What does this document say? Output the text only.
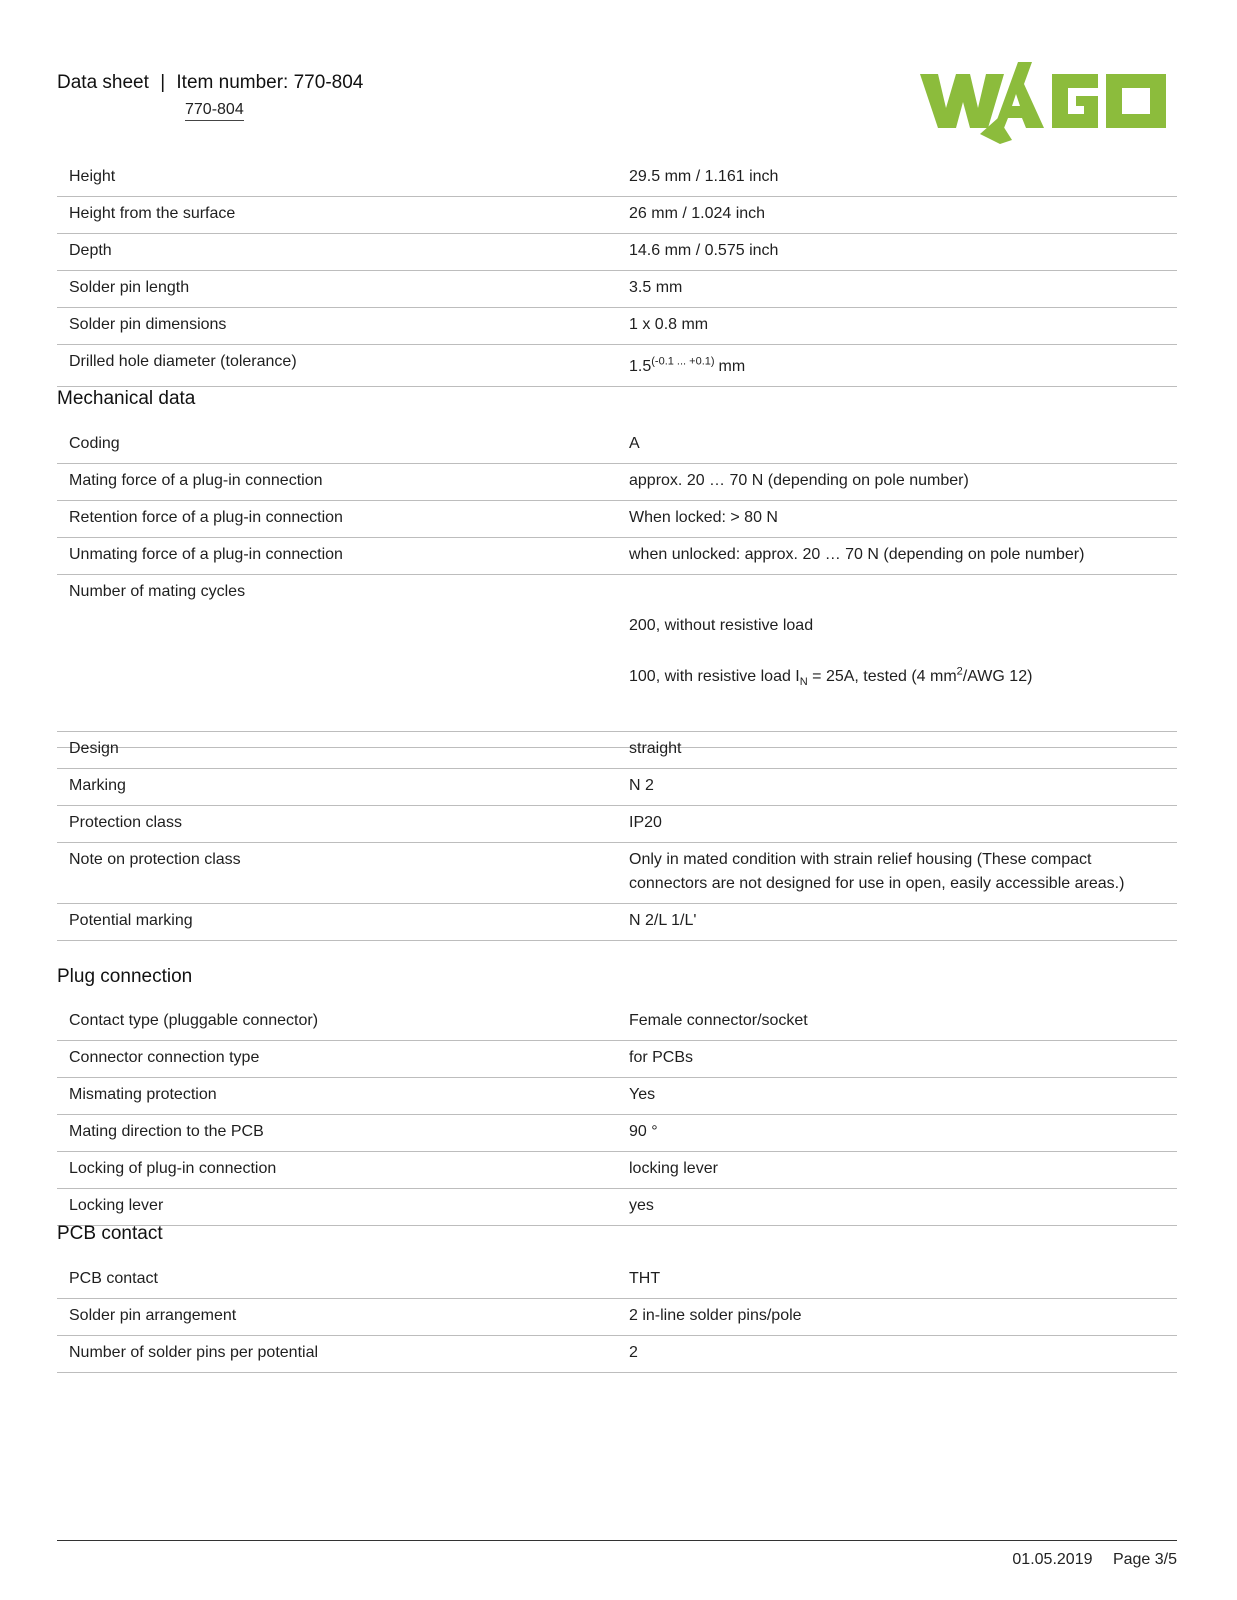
Data sheet | Item number: 770-804
770-804
Height	29.5 mm / 1.161 inch
Height from the surface	26 mm / 1.024 inch
Depth	14.6 mm / 0.575 inch
Solder pin length	3.5 mm
Solder pin dimensions	1 x 0.8 mm
Drilled hole diameter (tolerance)	$1.5^{(-0.1 ... +0.1)}$ mm
Mechanical data
Coding	A
Mating force of a plug-in connection	approx. 20 … 70 N (depending on pole number)
Retention force of a plug-in connection	When locked: > 80 N
Unmating force of a plug-in connection	when unlocked: approx. 20 … 70 N (depending on pole number)
Number of mating cycles	200, without resistive load

100, with resistive load $I_N = 25A$, tested (4 $mm^2$/AWG 12)

Design	straight
Marking	N 2
Protection class	IP20
Note on protection class	Only in mated condition with strain relief housing (These compact connectors are not designed for use in open, easily accessible areas.)
Potential marking	N 2/L 1/L'
Plug connection
Contact type (pluggable connector)	Female connector/socket
Connector connection type	for PCBs
Mismating protection	Yes
Mating direction to the PCB	90 °
Locking of plug-in connection	locking lever
Locking lever	yes
PCB contact
PCB contact	THT
Solder pin arrangement	2 in-line solder pins/pole
Number of solder pins per potential	2
01.05.2019 Page 3/5
